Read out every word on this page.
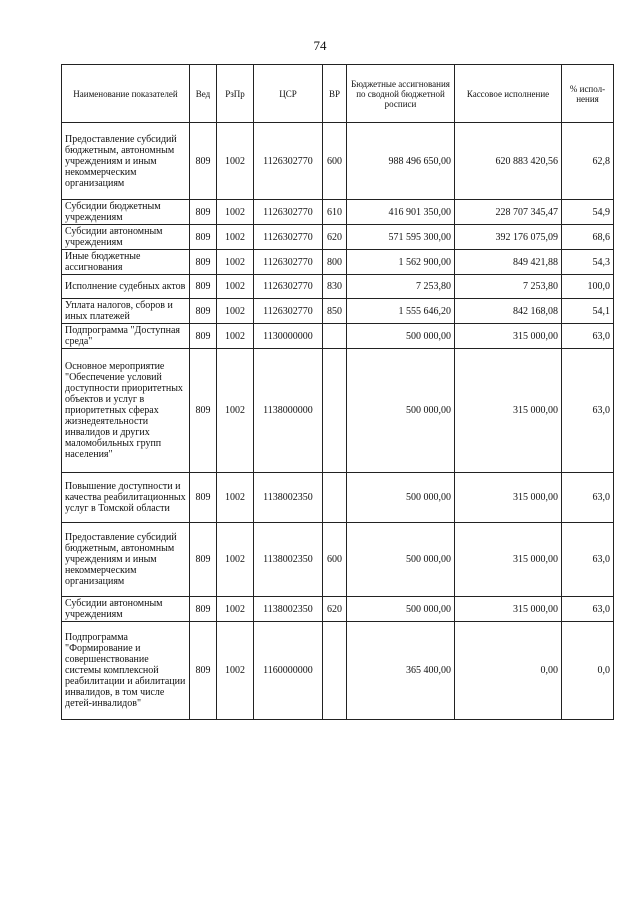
74
Наименование показателей	Вед	РзПр	ЦСР	ВР	Бюджетные ассигнования по сводной бюджетной росписи	Кассовое исполнение	% испол-нения
Предоставление субсидий бюджетным, автономным учреждениям и иным некоммерческим организациям	809	1002	1126302770	600	988 496 650,00	620 883 420,56	62,8
Субсидии бюджетным учреждениям	809	1002	1126302770	610	416 901 350,00	228 707 345,47	54,9
Субсидии автономным учреждениям	809	1002	1126302770	620	571 595 300,00	392 176 075,09	68,6
Иные бюджетные ассигнования	809	1002	1126302770	800	1 562 900,00	849 421,88	54,3
Исполнение судебных актов	809	1002	1126302770	830	7 253,80	7 253,80	100,0
Уплата налогов, сборов и иных платежей	809	1002	1126302770	850	1 555 646,20	842 168,08	54,1
Подпрограмма "Доступная среда"	809	1002	1130000000		500 000,00	315 000,00	63,0
Основное мероприятие "Обеспечение условий доступности приоритетных объектов и услуг в приоритетных сферах жизнедеятельности инвалидов и других маломобильных групп населения"	809	1002	1138000000		500 000,00	315 000,00	63,0
Повышение доступности и качества реабилитационных услуг в Томской области	809	1002	1138002350		500 000,00	315 000,00	63,0
Предоставление субсидий бюджетным, автономным учреждениям и иным некоммерческим организациям	809	1002	1138002350	600	500 000,00	315 000,00	63,0
Субсидии автономным учреждениям	809	1002	1138002350	620	500 000,00	315 000,00	63,0
Подпрограмма "Формирование и совершенствование системы комплексной реабилитации и абилитации инвалидов, в том числе детей-инвалидов"	809	1002	1160000000		365 400,00	0,00	0,0
